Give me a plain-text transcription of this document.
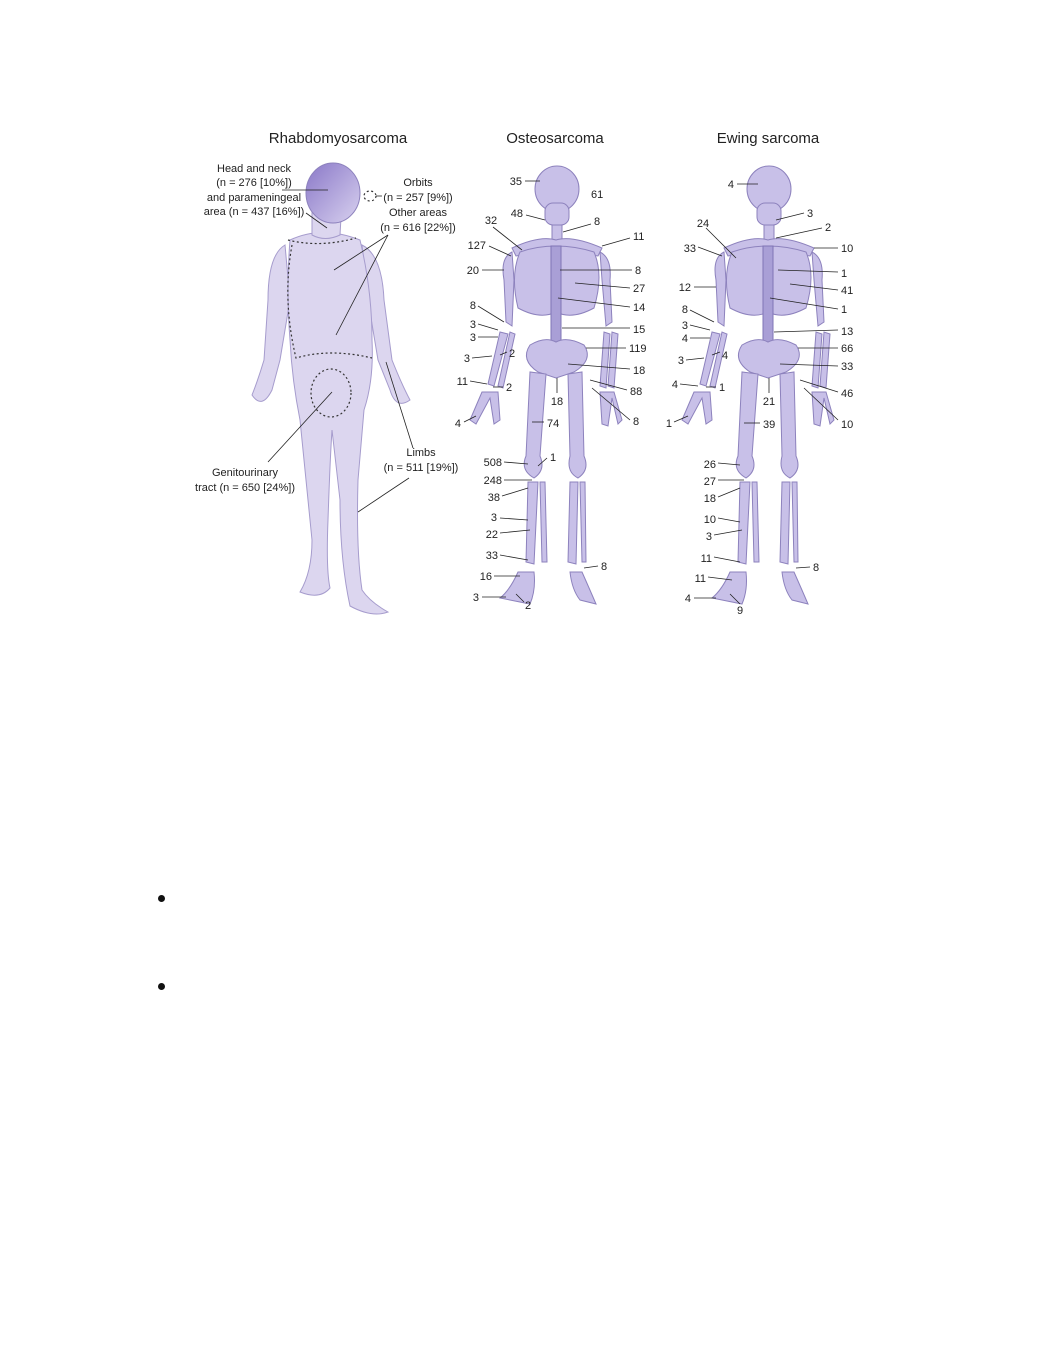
Rhabdomyosarcoma	Osteosarcoma	Ewing sarcoma
Head and neck
(n = 276 [10%])
and parameningeal
area (n = 437 [16%])
Orbits
(n = 257 [9%])
Other areas
(n = 616 [22%])
Limbs
(n = 511 [19%])
Genitourinary
tract (n = 650 [24%])
35
61
48
8
32
127
11
20	8
27
14
8
15
3
3
3	2	119
11
18
2	88
18
8
4	74
1
508
248
38
3
22
33
16
3
2
8
4
3
2
24
33	10
1
12	41
1
8
13
3
4
4
66
3	33
4	1	46
21
1	39	10
26
27
18
10
3
11
11
4
9
8
